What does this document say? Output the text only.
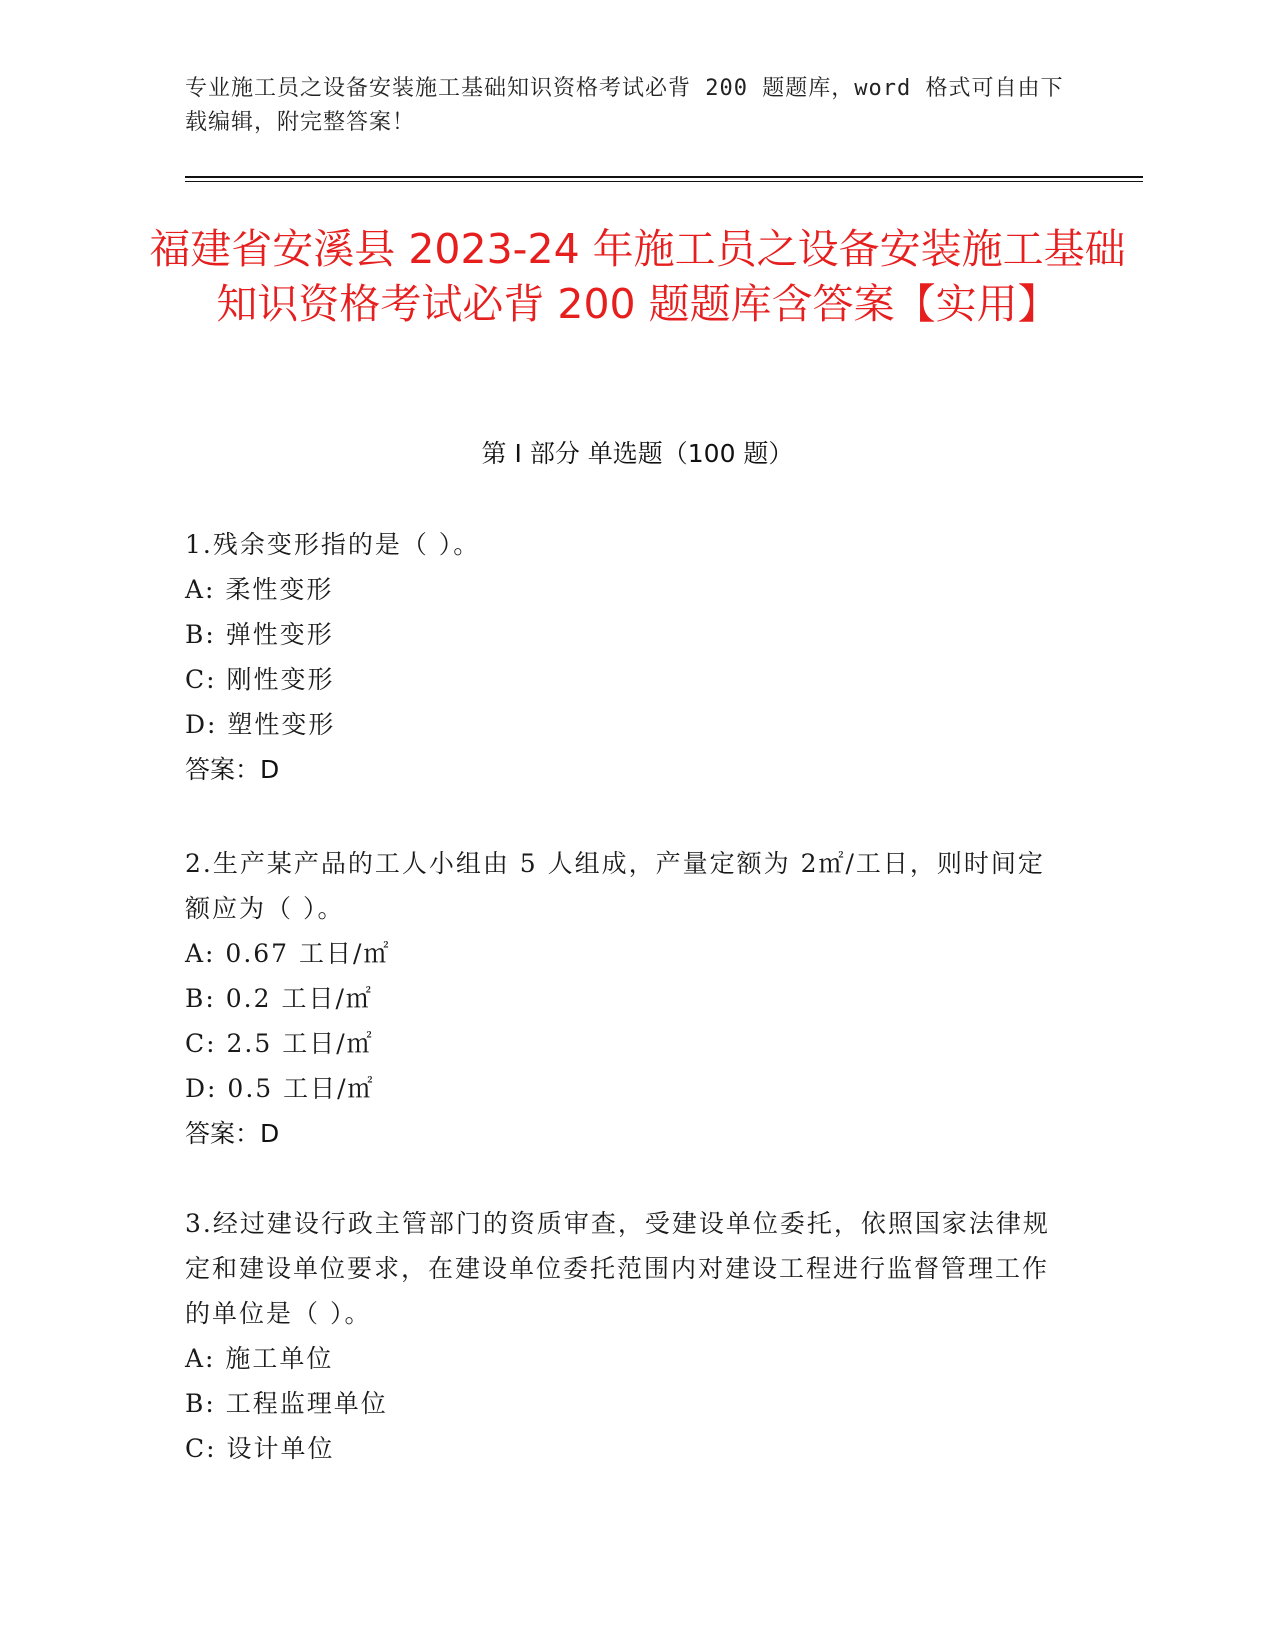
专业施工员之设备安装施工基础知识资格考试必背 200 题题库，word 格式可自由下载编辑，附完整答案！
福建省安溪县 2023-24 年施工员之设备安装施工基础知识资格考试必背 200 题题库含答案【实用】
第 I 部分 单选题（100 题）
1.残余变形指的是（ ）。
A: 柔性变形
B: 弹性变形
C: 刚性变形
D: 塑性变形
答案：D
2.生产某产品的工人小组由 5 人组成，产量定额为 2㎡/工日，则时间定额应为（ ）。
A: 0.67 工日/㎡
B: 0.2 工日/㎡
C: 2.5 工日/㎡
D: 0.5 工日/㎡
答案：D
3.经过建设行政主管部门的资质审查，受建设单位委托，依照国家法律规定和建设单位要求，在建设单位委托范围内对建设工程进行监督管理工作的单位是（ ）。
A: 施工单位
B: 工程监理单位
C: 设计单位
